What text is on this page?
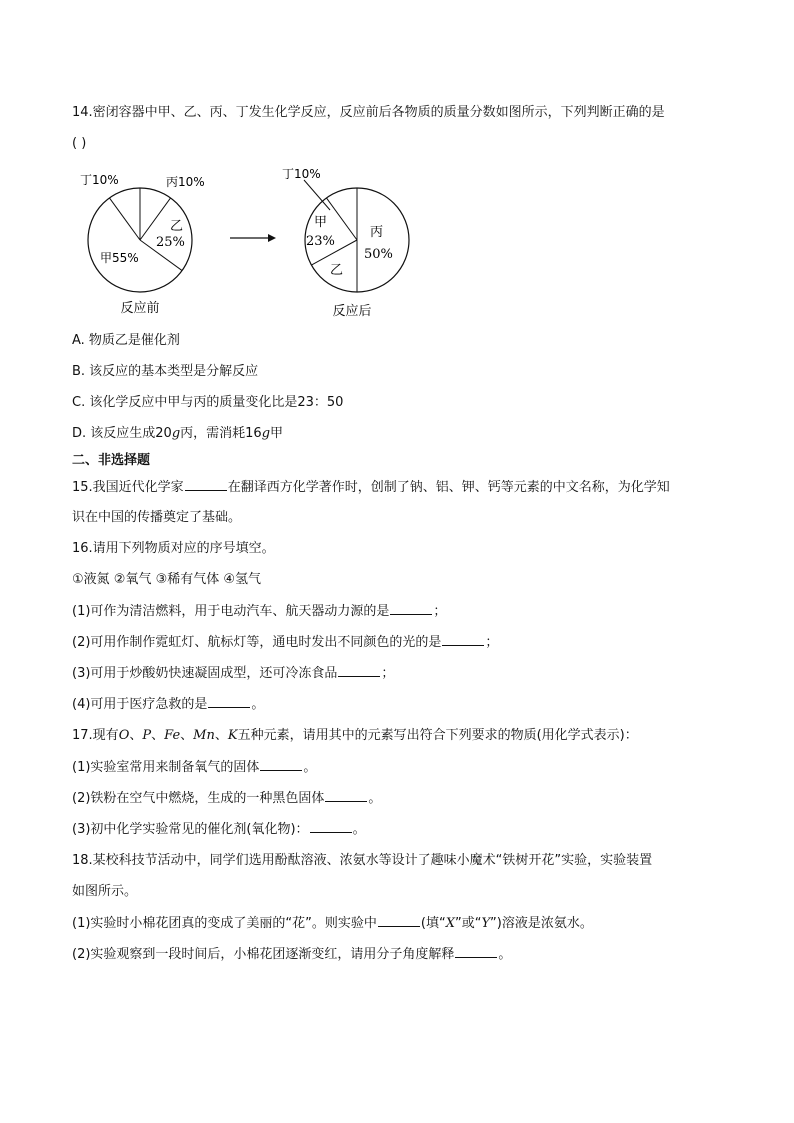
14.密闭容器中甲、乙、丙、丁发生化学反应，反应前后各物质的质量分数如图所示，下列判断正确的是
( )
丁10%	丙10%
乙
25%
甲55%
反应前
丁10%
甲
23%
乙
丙
50%
反应后
A. 物质乙是催化剂
B. 该反应的基本类型是分解反应
C. 该化学反应中甲与丙的质量变化比是23：50
D. 该反应生成20g丙，需消耗16g甲
二、非选择题
15.我国近代化学家	在翻译西方化学著作时，创制了钠、铝、钾、钙等元素的中文名称，为化学知
识在中国的传播奠定了基础。
16.请用下列物质对应的序号填空。
①液氮 ②氧气 ③稀有气体 ④氢气
(1)可作为清洁燃料，用于电动汽车、航天器动力源的是	；
(2)可用作制作霓虹灯、航标灯等，通电时发出不同颜色的光的是	；
(3)可用于炒酸奶快速凝固成型，还可冷冻食品	；
(4)可用于医疗急救的是	。
17.现有O、P、Fe、Mn、K五种元素，请用其中的元素写出符合下列要求的物质(用化学式表示)：
(1)实验室常用来制备氧气的固体	。
(2)铁粉在空气中燃烧，生成的一种黑色固体	。
(3)初中化学实验常见的催化剂(氧化物)：	。
18.某校科技节活动中，同学们选用酚酞溶液、浓氨水等设计了趣味小魔术“铁树开花”实验，实验装置
如图所示。
(1)实验时小棉花团真的变成了美丽的“花”。则实验中	(填“X”或“Y”)溶液是浓氨水。
(2)实验观察到一段时间后，小棉花团逐渐变红，请用分子角度解释	。
